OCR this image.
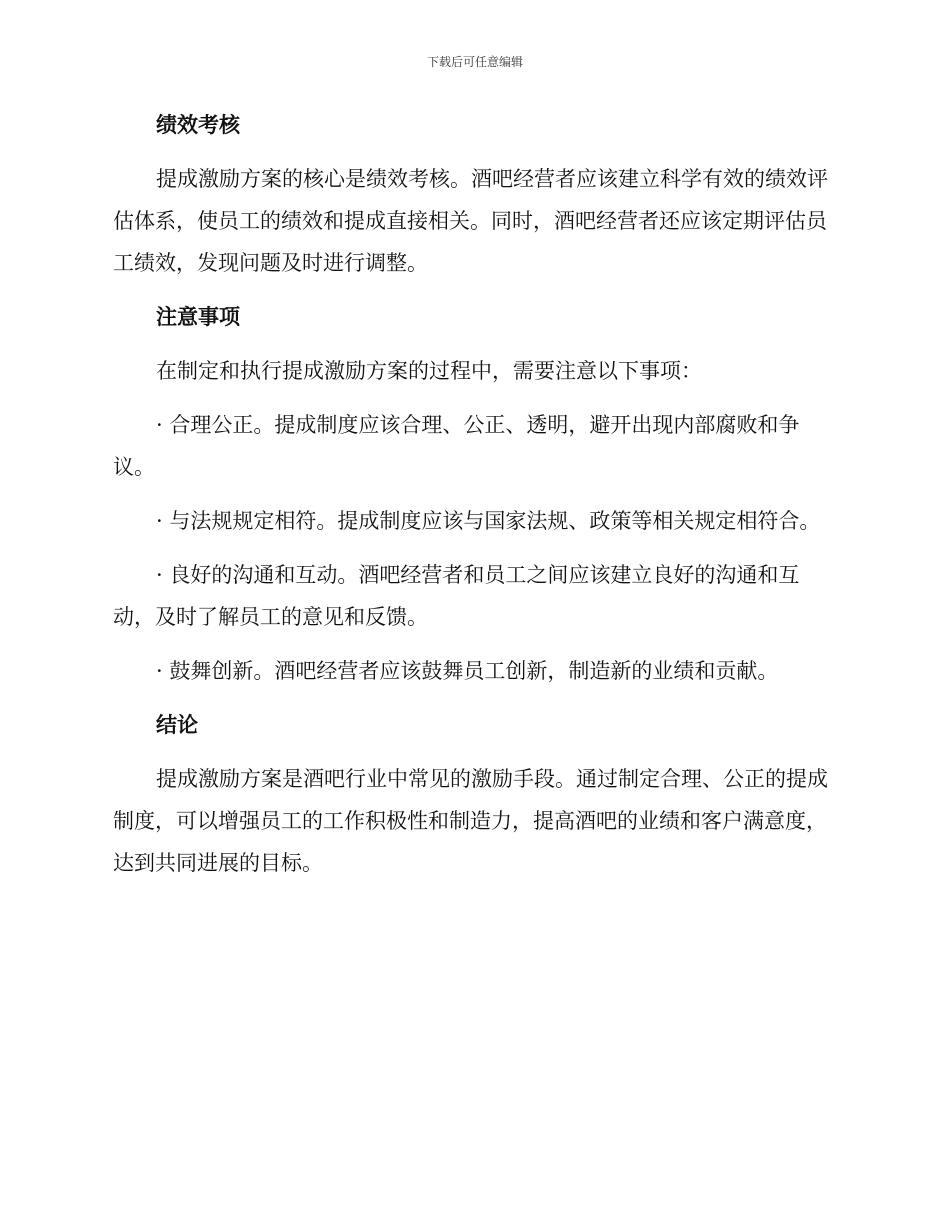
下载后可任意编辑
绩效考核

提成激励方案的核心是绩效考核。酒吧经营者应该建立科学有效的绩效评估体系，使员工的绩效和提成直接相关。同时，酒吧经营者还应该定期评估员工绩效，发现问题及时进行调整。

注意事项

在制定和执行提成激励方案的过程中，需要注意以下事项：

· 合理公正。提成制度应该合理、公正、透明，避开出现内部腐败和争议。

· 与法规规定相符。提成制度应该与国家法规、政策等相关规定相符合。

· 良好的沟通和互动。酒吧经营者和员工之间应该建立良好的沟通和互动，及时了解员工的意见和反馈。

· 鼓舞创新。酒吧经营者应该鼓舞员工创新，制造新的业绩和贡献。

结论

提成激励方案是酒吧行业中常见的激励手段。通过制定合理、公正的提成制度，可以增强员工的工作积极性和制造力，提高酒吧的业绩和客户满意度，达到共同进展的目标。
